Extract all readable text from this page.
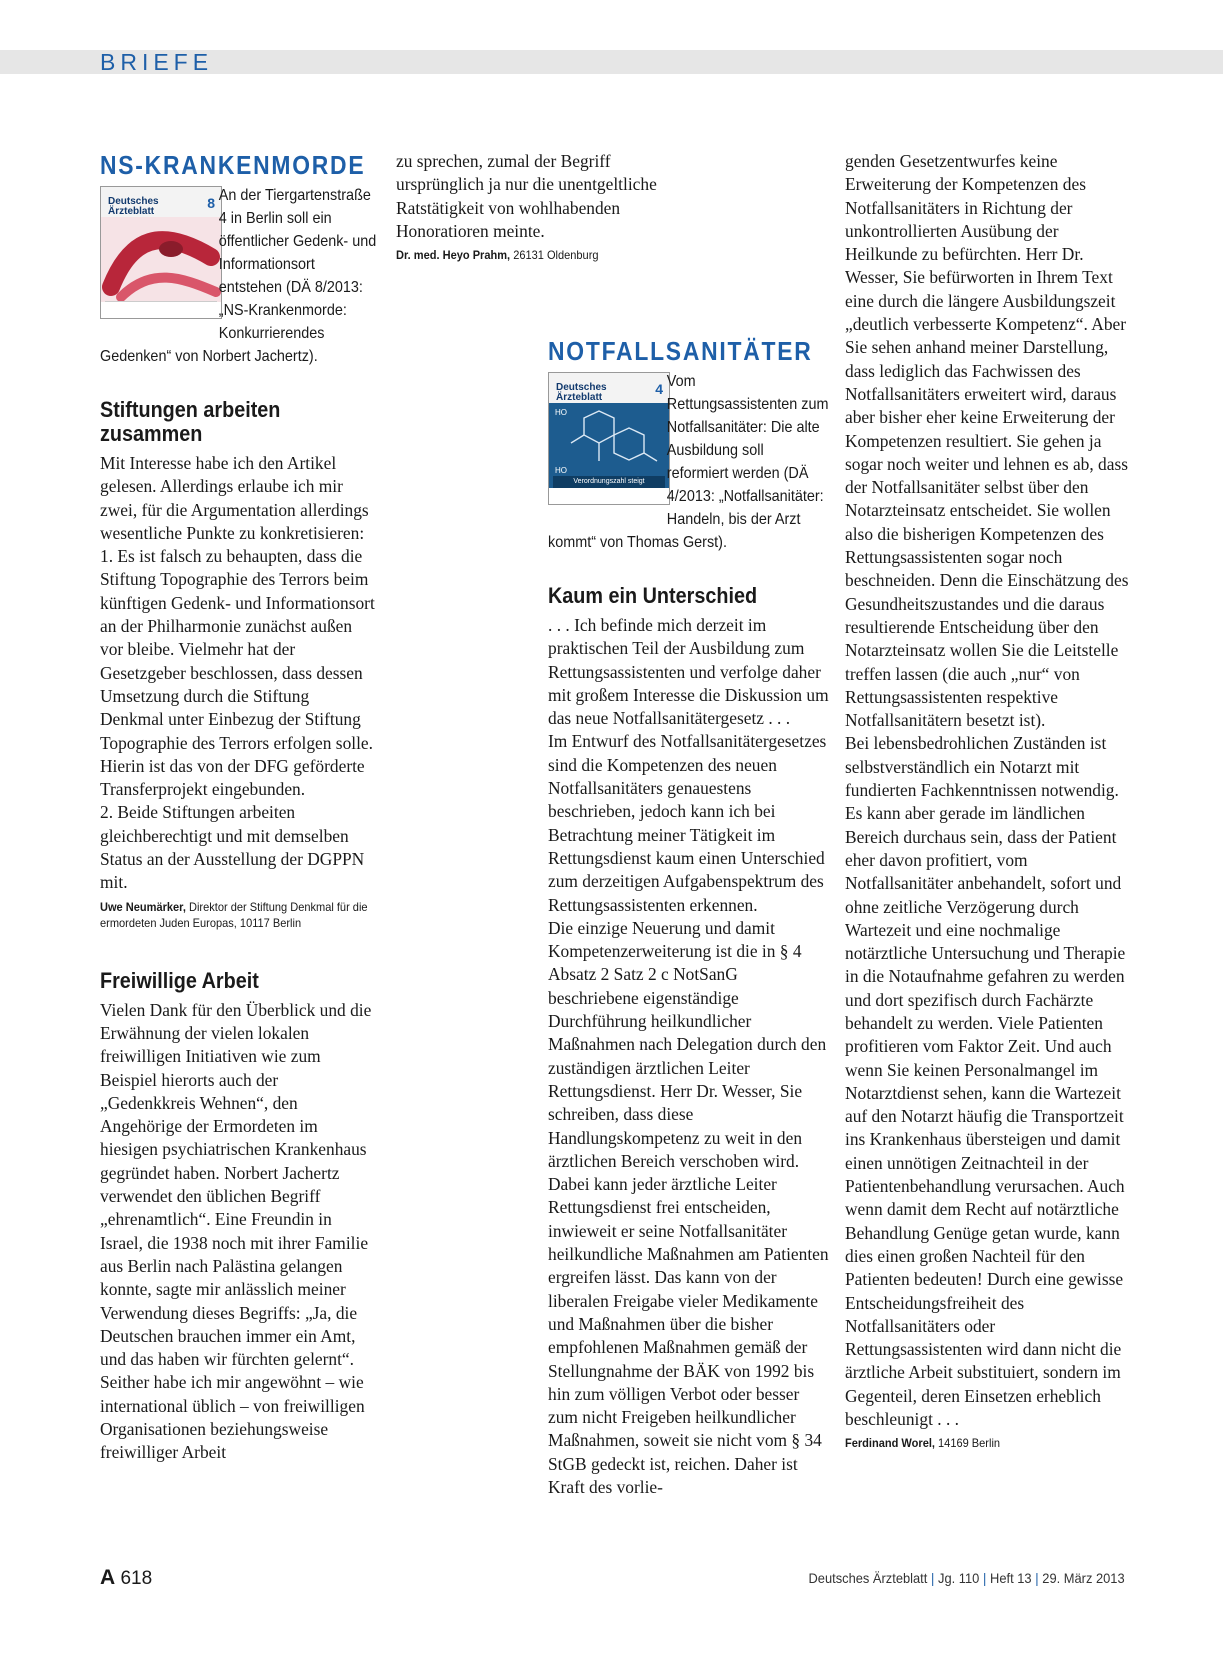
BRIEFE
NS-KRANKENMORDE
Deutsches Ärzteblatt
8 An der Tiergartenstraße 4 in Berlin soll ein öffentlicher Gedenk- und Informationsort entstehen (DÄ 8/2013: „NS-Krankenmorde: Konkurrierendes Gedenken“ von Norbert Jachertz).

Stiftungen arbeiten zusammen

Mit Interesse habe ich den Artikel gelesen. Allerdings erlaube ich mir zwei, für die Argumentation allerdings wesentliche Punkte zu konkretisieren:
1. Es ist falsch zu behaupten, dass die Stiftung Topographie des Terrors beim künftigen Gedenk- und Informationsort an der Philharmonie zunächst außen vor bleibe. Vielmehr hat der Gesetzgeber beschlossen, dass dessen Umsetzung durch die Stiftung Denkmal unter Einbezug der Stiftung Topographie des Terrors erfolgen solle. Hierin ist das von der DFG geförderte Transferprojekt eingebunden.
2. Beide Stiftungen arbeiten gleichberechtigt und mit demselben Status an der Ausstellung der DGPPN mit.

Uwe Neumärker, Direktor der Stiftung Denkmal für die ermordeten Juden Europas, 10117 Berlin

Freiwillige Arbeit

Vielen Dank für den Überblick und die Erwähnung der vielen lokalen freiwilligen Initiativen wie zum Beispiel hierorts auch der „Gedenkkreis Wehnen“, den Angehörige der Ermordeten im hiesigen psychiatrischen Krankenhaus gegründet haben. Norbert Jachertz verwendet den üblichen Begriff „ehrenamtlich“. Eine Freundin in Israel, die 1938 noch mit ihrer Familie aus Berlin nach Palästina gelangen konnte, sagte mir anlässlich meiner Verwendung dieses Begriffs: „Ja, die Deutschen brauchen immer ein Amt, und das haben wir fürchten gelernt“. Seither habe ich mir angewöhnt – wie international üblich – von freiwilligen Organisationen beziehungsweise freiwilliger Arbeit

zu sprechen, zumal der Begriff ursprünglich ja nur die unentgeltliche Ratstätigkeit von wohlhabenden Honoratioren meinte.

Dr. med. Heyo Prahm, 26131 Oldenburg

NOTFALLSANITÄTER
Deutsches Ärzteblatt
4
HO
HO
Verordnungszahl steigt

Vom Rettungsassistenten zum Notfallsanitäter: Die alte Ausbildung soll reformiert werden (DÄ 4/2013: „Notfallsanitäter: Handeln, bis der Arzt kommt“ von Thomas Gerst).

Kaum ein Unterschied

. . . Ich befinde mich derzeit im praktischen Teil der Ausbildung zum Rettungsassistenten und verfolge daher mit großem Interesse die Diskussion um das neue Notfallsanitätergesetz . . .
Im Entwurf des Notfallsanitätergesetzes sind die Kompetenzen des neuen Notfallsanitäters genauestens beschrieben, jedoch kann ich bei Betrachtung meiner Tätigkeit im Rettungsdienst kaum einen Unterschied zum derzeitigen Aufgabenspektrum des Rettungsassistenten erkennen.
Die einzige Neuerung und damit Kompetenzerweiterung ist die in § 4 Absatz 2 Satz 2 c NotSanG beschriebene eigenständige Durchführung heilkundlicher Maßnahmen nach Delegation durch den zuständigen ärztlichen Leiter Rettungsdienst. Herr Dr. Wesser, Sie schreiben, dass diese Handlungskompetenz zu weit in den ärztlichen Bereich verschoben wird. Dabei kann jeder ärztliche Leiter Rettungsdienst frei entscheiden, inwieweit er seine Notfallsanitäter heilkundliche Maßnahmen am Patienten ergreifen lässt. Das kann von der liberalen Freigabe vieler Medikamente und Maßnahmen über die bisher empfohlenen Maßnahmen gemäß der Stellungnahme der BÄK von 1992 bis hin zum völligen Verbot oder besser zum nicht Freigeben heilkundlicher Maßnahmen, soweit sie nicht vom § 34 StGB gedeckt ist, reichen. Daher ist Kraft des vorlie-

genden Gesetzentwurfes keine Erweiterung der Kompetenzen des Notfallsanitäters in Richtung der unkontrollierten Ausübung der Heilkunde zu befürchten. Herr Dr. Wesser, Sie befürworten in Ihrem Text eine durch die längere Ausbildungszeit „deutlich verbesserte Kompetenz“. Aber Sie sehen anhand meiner Darstellung, dass lediglich das Fachwissen des Notfallsanitäters erweitert wird, daraus aber bisher eher keine Erweiterung der Kompetenzen resultiert. Sie gehen ja sogar noch weiter und lehnen es ab, dass der Notfallsanitäter selbst über den Notarzteinsatz entscheidet. Sie wollen also die bisherigen Kompetenzen des Rettungsassistenten sogar noch beschneiden. Denn die Einschätzung des Gesundheitszustandes und die daraus resultierende Entscheidung über den Notarzteinsatz wollen Sie die Leitstelle treffen lassen (die auch „nur“ von Rettungsassistenten respektive Notfallsanitätern besetzt ist).
Bei lebensbedrohlichen Zuständen ist selbstverständlich ein Notarzt mit fundierten Fachkenntnissen notwendig. Es kann aber gerade im ländlichen Bereich durchaus sein, dass der Patient eher davon profitiert, vom Notfallsanitäter anbehandelt, sofort und ohne zeitliche Verzögerung durch Wartezeit und eine nochmalige notärztliche Untersuchung und Therapie in die Notaufnahme gefahren zu werden und dort spezifisch durch Fachärzte behandelt zu werden. Viele Patienten profitieren vom Faktor Zeit. Und auch wenn Sie keinen Personalmangel im Notarztdienst sehen, kann die Wartezeit auf den Notarzt häufig die Transportzeit ins Krankenhaus übersteigen und damit einen unnötigen Zeitnachteil in der Patientenbehandlung verursachen. Auch wenn damit dem Recht auf notärztliche Behandlung Genüge getan wurde, kann dies einen großen Nachteil für den Patienten bedeuten! Durch eine gewisse Entscheidungsfreiheit des Notfallsanitäters oder Rettungsassistenten wird dann nicht die ärztliche Arbeit substituiert, sondern im Gegenteil, deren Einsetzen erheblich beschleunigt . . .

Ferdinand Worel, 14169 Berlin

A 618	Deutsches Ärzteblatt | Jg. 110 | Heft 13 | 29. März 2013
